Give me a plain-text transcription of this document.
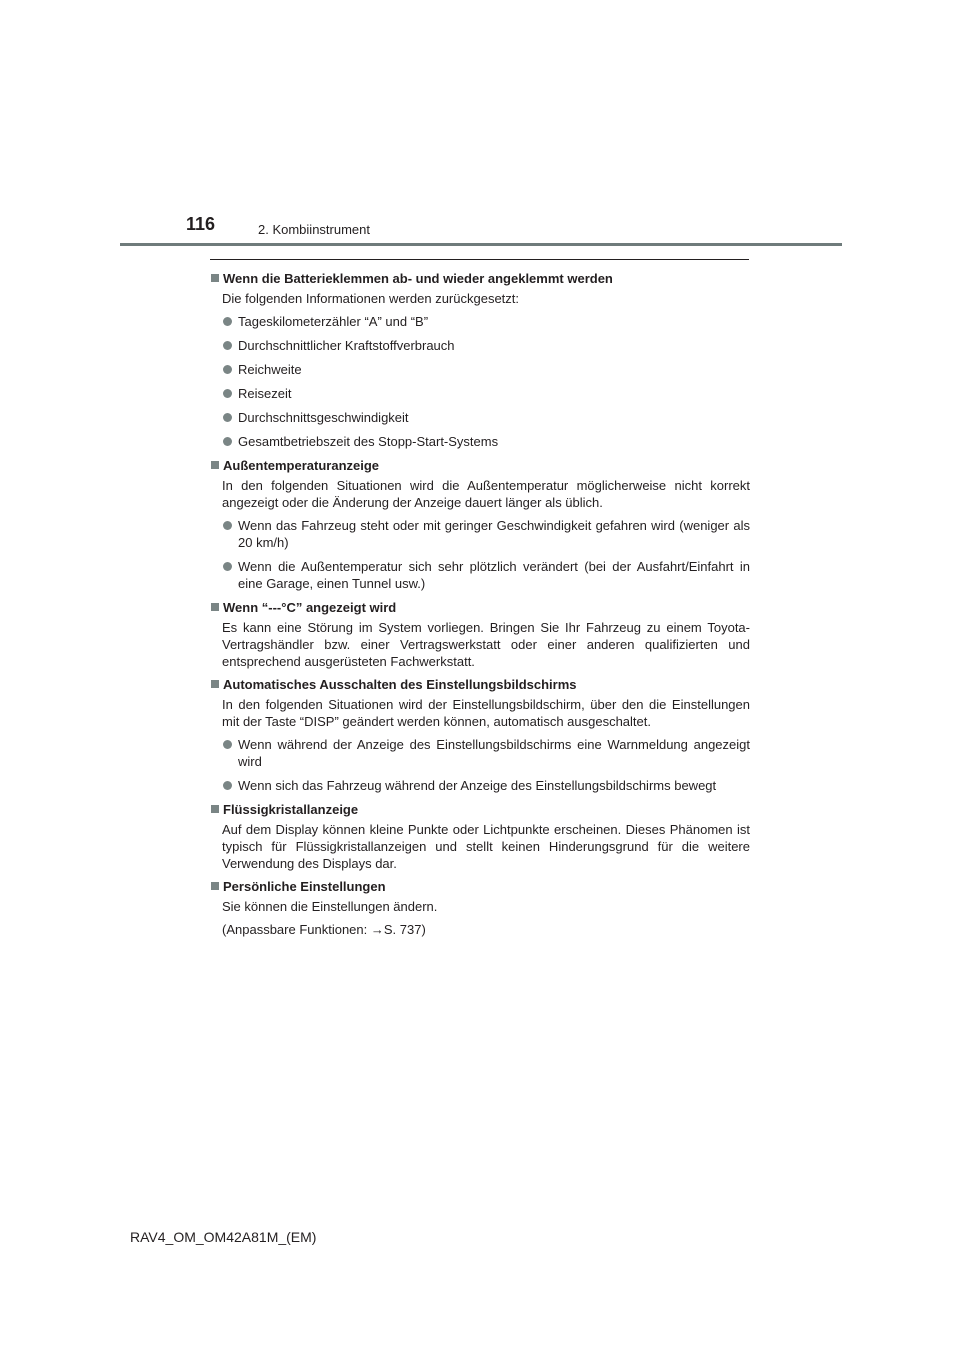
116	2. Kombiinstrument
Wenn die Batterieklemmen ab- und wieder angeklemmt werden
Die folgenden Informationen werden zurückgesetzt:
Tageskilometerzähler “A” und “B”
Durchschnittlicher Kraftstoffverbrauch
Reichweite
Reisezeit
Durchschnittsgeschwindigkeit
Gesamtbetriebszeit des Stopp-Start-Systems
Außentemperaturanzeige
In den folgenden Situationen wird die Außentemperatur möglicherweise nicht korrekt angezeigt oder die Änderung der Anzeige dauert länger als üblich.
Wenn das Fahrzeug steht oder mit geringer Geschwindigkeit gefahren wird (weniger als 20 km/h)
Wenn die Außentemperatur sich sehr plötzlich verändert (bei der Ausfahrt/Einfahrt in eine Garage, einen Tunnel usw.)
Wenn “---°C” angezeigt wird
Es kann eine Störung im System vorliegen. Bringen Sie Ihr Fahrzeug zu einem Toyota-Vertragshändler bzw. einer Vertragswerkstatt oder einer anderen qualifizierten und entsprechend ausgerüsteten Fachwerkstatt.
Automatisches Ausschalten des Einstellungsbildschirms
In den folgenden Situationen wird der Einstellungsbildschirm, über den die Einstellungen mit der Taste “DISP” geändert werden können, automatisch ausgeschaltet.
Wenn während der Anzeige des Einstellungsbildschirms eine Warnmeldung angezeigt wird
Wenn sich das Fahrzeug während der Anzeige des Einstellungsbildschirms bewegt
Flüssigkristallanzeige
Auf dem Display können kleine Punkte oder Lichtpunkte erscheinen. Dieses Phänomen ist typisch für Flüssigkristallanzeigen und stellt keinen Hinderungsgrund für die weitere Verwendung des Displays dar.
Persönliche Einstellungen
Sie können die Einstellungen ändern.
(Anpassbare Funktionen: →S. 737)
RAV4_OM_OM42A81M_(EM)
